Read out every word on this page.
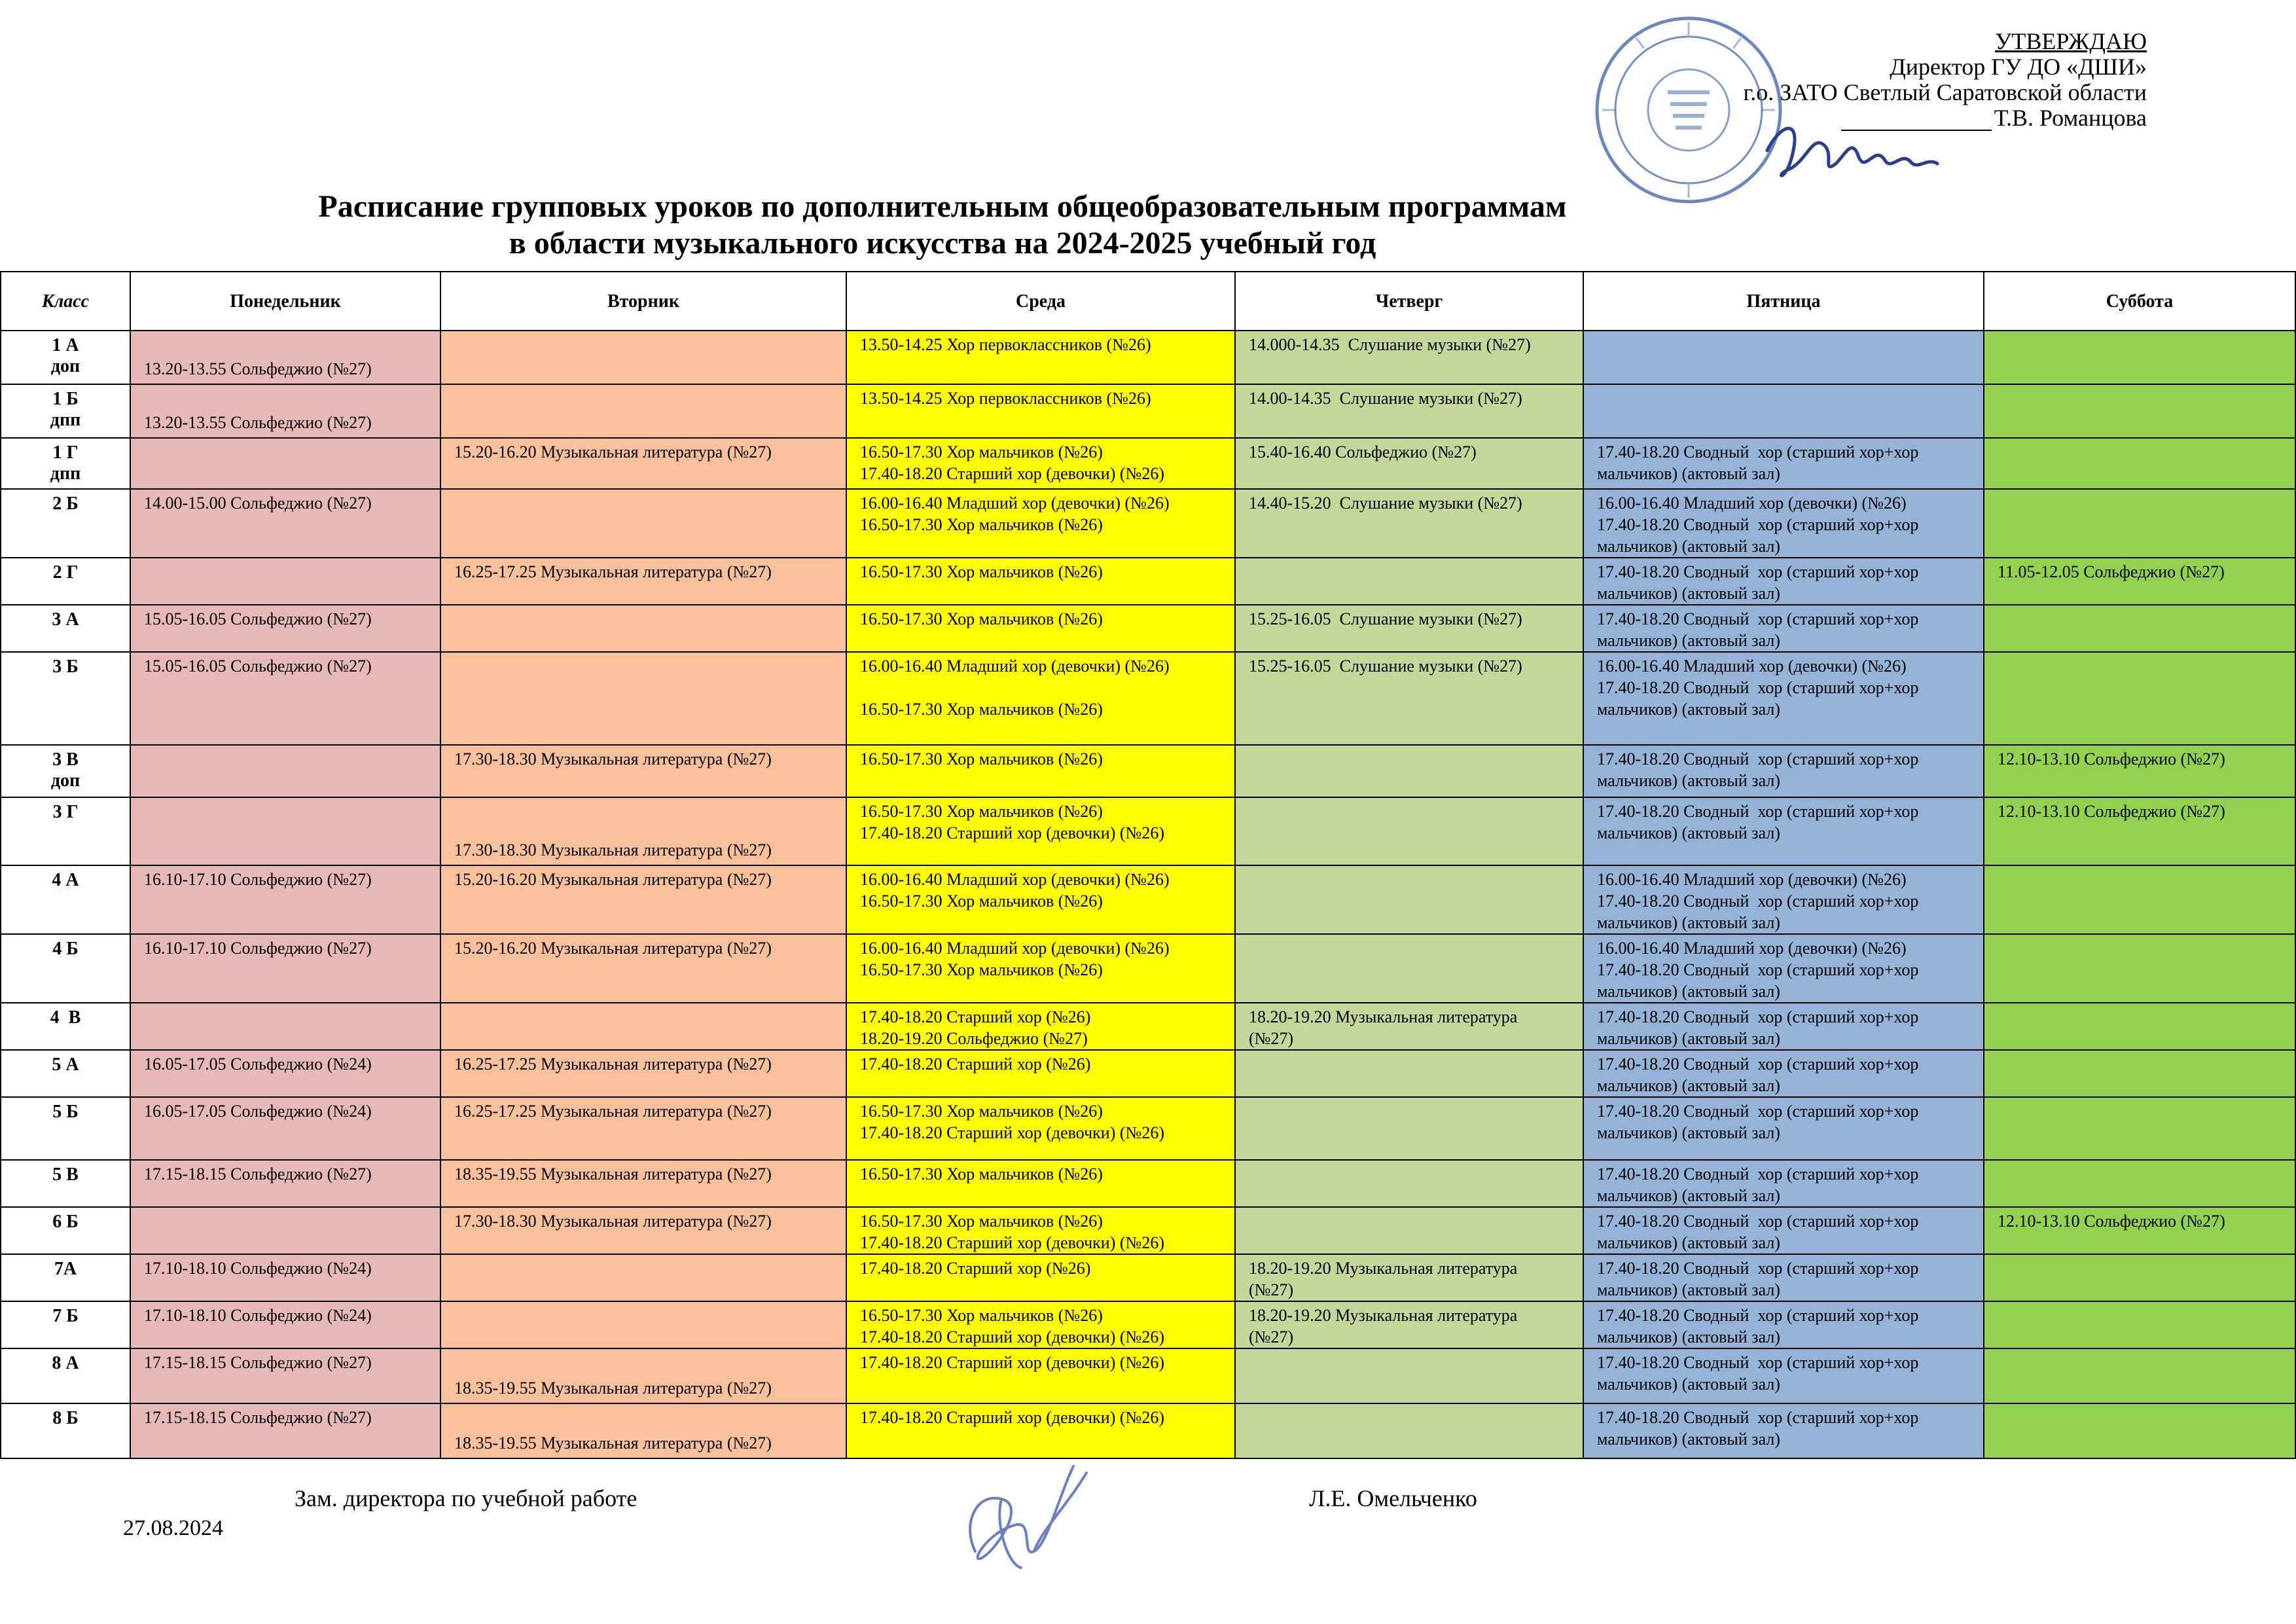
УТВЕРЖДАЮ
Директор ГУ ДО «ДШИ»
г.о. ЗАТО Светлый Саратовской области
Т.В. Романцова
Расписание групповых уроков по дополнительным общеобразовательным программам
в области музыкального искусства на 2024-2025 учебный год
Класс	Понедельник	Вторник	Среда	Четверг	Пятница	Суббота

1 А
доп	13.20-13.55 Сольфеджио (№27)		13.50-14.25 Хор первоклассников (№26)	14.000-14.35  Слушание музыки (№27)		

1 Б
дпп	13.20-13.55 Сольфеджио (№27)		13.50-14.25 Хор первоклассников (№26)	14.00-14.35  Слушание музыки (№27)		

1 Г
дпп		15.20-16.20 Музыкальная литература (№27)	16.50-17.30 Хор мальчиков (№26)
17.40-18.20 Старший хор (девочки) (№26)	15.40-16.40 Сольфеджио (№27)	17.40-18.20 Сводный  хор (старший хор+хор
мальчиков) (актовый зал)	

2 Б	14.00-15.00 Сольфеджио (№27)		16.00-16.40 Младший хор (девочки) (№26)
16.50-17.30 Хор мальчиков (№26)	14.40-15.20  Слушание музыки (№27)	16.00-16.40 Младший хор (девочки) (№26)
17.40-18.20 Сводный  хор (старший хор+хор
мальчиков) (актовый зал)	

2 Г		16.25-17.25 Музыкальная литература (№27)	16.50-17.30 Хор мальчиков (№26)		17.40-18.20 Сводный  хор (старший хор+хор
мальчиков) (актовый зал)	11.05-12.05 Сольфеджио (№27)

3 А	15.05-16.05 Сольфеджио (№27)		16.50-17.30 Хор мальчиков (№26)	15.25-16.05  Слушание музыки (№27)	17.40-18.20 Сводный  хор (старший хор+хор
мальчиков) (актовый зал)	

3 Б	15.05-16.05 Сольфеджио (№27)		16.00-16.40 Младший хор (девочки) (№26)

16.50-17.30 Хор мальчиков (№26)	15.25-16.05  Слушание музыки (№27)	16.00-16.40 Младший хор (девочки) (№26)
17.40-18.20 Сводный  хор (старший хор+хор
мальчиков) (актовый зал)	

3 В
доп		17.30-18.30 Музыкальная литература (№27)	16.50-17.30 Хор мальчиков (№26)		17.40-18.20 Сводный  хор (старший хор+хор
мальчиков) (актовый зал)	12.10-13.10 Сольфеджио (№27)

3 Г		17.30-18.30 Музыкальная литература (№27)	16.50-17.30 Хор мальчиков (№26)
17.40-18.20 Старший хор (девочки) (№26)		17.40-18.20 Сводный  хор (старший хор+хор
мальчиков) (актовый зал)	12.10-13.10 Сольфеджио (№27)

4 А	16.10-17.10 Сольфеджио (№27)	15.20-16.20 Музыкальная литература (№27)	16.00-16.40 Младший хор (девочки) (№26)
16.50-17.30 Хор мальчиков (№26)		16.00-16.40 Младший хор (девочки) (№26)
17.40-18.20 Сводный  хор (старший хор+хор
мальчиков) (актовый зал)	

4 Б	16.10-17.10 Сольфеджио (№27)	15.20-16.20 Музыкальная литература (№27)	16.00-16.40 Младший хор (девочки) (№26)
16.50-17.30 Хор мальчиков (№26)		16.00-16.40 Младший хор (девочки) (№26)
17.40-18.20 Сводный  хор (старший хор+хор
мальчиков) (актовый зал)	

4  В			17.40-18.20 Старший хор (№26)
18.20-19.20 Сольфеджио (№27)	18.20-19.20 Музыкальная литература
(№27)	17.40-18.20 Сводный  хор (старший хор+хор
мальчиков) (актовый зал)	

5 А	16.05-17.05 Сольфеджио (№24)	16.25-17.25 Музыкальная литература (№27)	17.40-18.20 Старший хор (№26)		17.40-18.20 Сводный  хор (старший хор+хор
мальчиков) (актовый зал)	

5 Б	16.05-17.05 Сольфеджио (№24)	16.25-17.25 Музыкальная литература (№27)	16.50-17.30 Хор мальчиков (№26)
17.40-18.20 Старший хор (девочки) (№26)		17.40-18.20 Сводный  хор (старший хор+хор
мальчиков) (актовый зал)	

5 В	17.15-18.15 Сольфеджио (№27)	18.35-19.55 Музыкальная литература (№27)	16.50-17.30 Хор мальчиков (№26)		17.40-18.20 Сводный  хор (старший хор+хор
мальчиков) (актовый зал)	

6 Б		17.30-18.30 Музыкальная литература (№27)	16.50-17.30 Хор мальчиков (№26)
17.40-18.20 Старший хор (девочки) (№26)		17.40-18.20 Сводный  хор (старший хор+хор
мальчиков) (актовый зал)	12.10-13.10 Сольфеджио (№27)

7А	17.10-18.10 Сольфеджио (№24)		17.40-18.20 Старший хор (№26)	18.20-19.20 Музыкальная литература
(№27)	17.40-18.20 Сводный  хор (старший хор+хор
мальчиков) (актовый зал)	

7 Б	17.10-18.10 Сольфеджио (№24)		16.50-17.30 Хор мальчиков (№26)
17.40-18.20 Старший хор (девочки) (№26)	18.20-19.20 Музыкальная литература
(№27)	17.40-18.20 Сводный  хор (старший хор+хор
мальчиков) (актовый зал)	

8 А	17.15-18.15 Сольфеджио (№27)	18.35-19.55 Музыкальная литература (№27)	17.40-18.20 Старший хор (девочки) (№26)		17.40-18.20 Сводный  хор (старший хор+хор
мальчиков) (актовый зал)	

8 Б	17.15-18.15 Сольфеджио (№27)	18.35-19.55 Музыкальная литература (№27)	17.40-18.20 Старший хор (девочки) (№26)		17.40-18.20 Сводный  хор (старший хор+хор
мальчиков) (актовый зал)	

Зам. директора по учебной работе	Л.Е. Омельченко
27.08.2024
